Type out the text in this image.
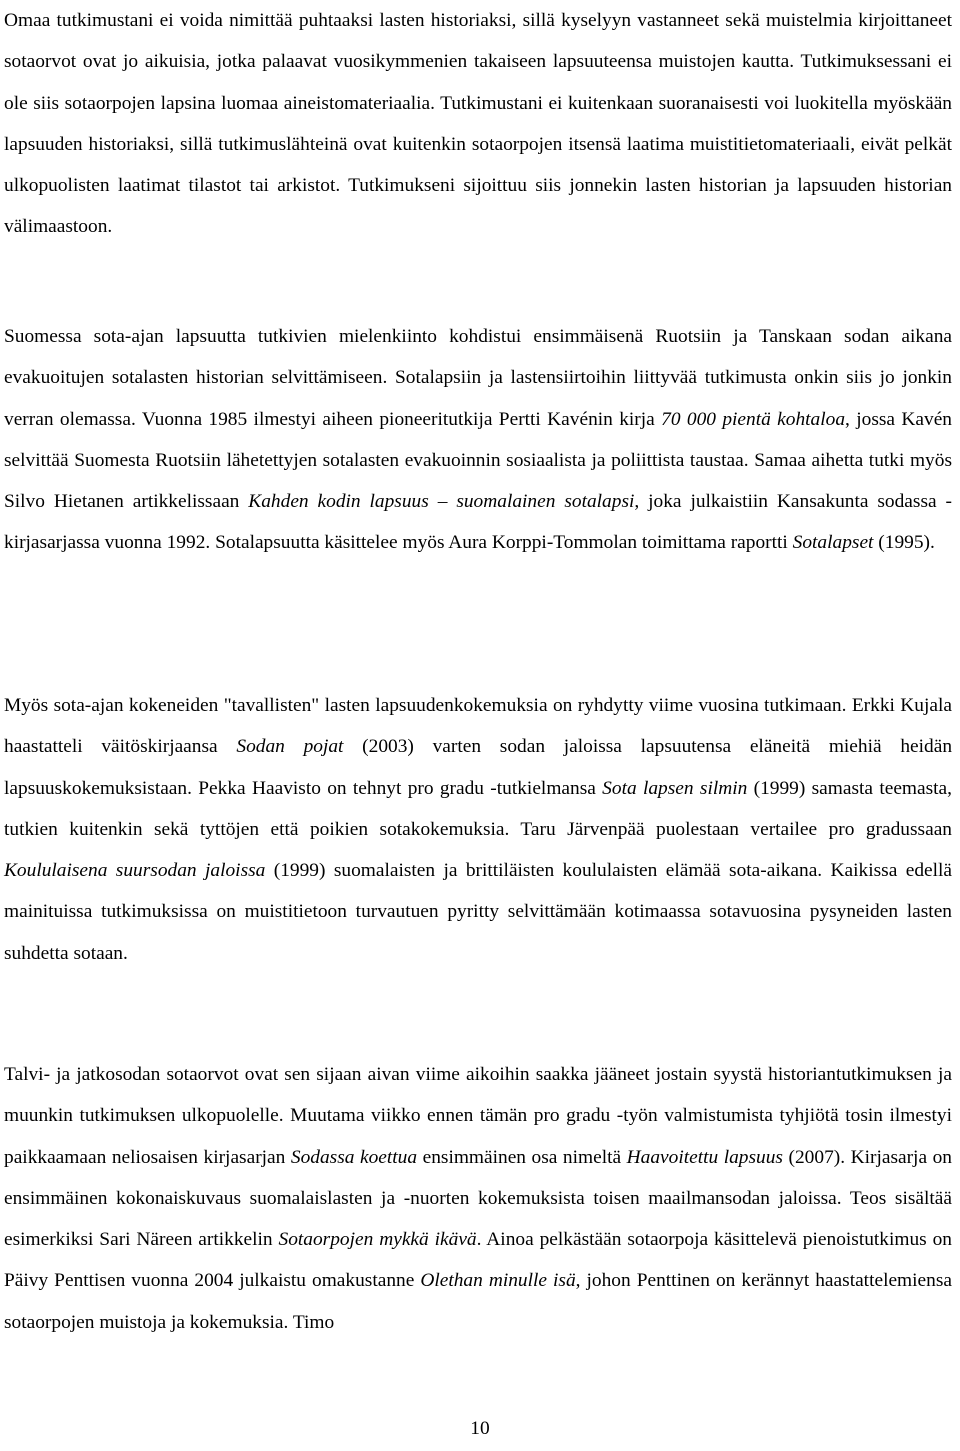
Omaa tutkimustani ei voida nimittää puhtaaksi lasten historiaksi, sillä kyselyyn vastanneet sekä muistelmia kirjoittaneet sotaorvot ovat jo aikuisia, jotka palaavat vuosikymmenien takaiseen lapsuuteensa muistojen kautta. Tutkimuksessani ei ole siis sotaorpojen lapsina luomaa aineistomateriaalia. Tutkimustani ei kuitenkaan suoranaisesti voi luokitella myöskään lapsuuden historiaksi, sillä tutkimuslähteinä ovat kuitenkin sotaorpojen itsensä laatima muistitietomateriaali, eivät pelkät ulkopuolisten laatimat tilastot tai arkistot. Tutkimukseni sijoittuu siis jonnekin lasten historian ja lapsuuden historian välimaastoon.

Suomessa sota-ajan lapsuutta tutkivien mielenkiinto kohdistui ensimmäisenä Ruotsiin ja Tanskaan sodan aikana evakuoitujen sotalasten historian selvittämiseen. Sotalapsiin ja lastensiirtoihin liittyvää tutkimusta onkin siis jo jonkin verran olemassa. Vuonna 1985 ilmestyi aiheen pioneeritutkija Pertti Kavénin kirja 70 000 pientä kohtaloa, jossa Kavén selvittää Suomesta Ruotsiin lähetettyjen sotalasten evakuoinnin sosiaalista ja poliittista taustaa. Samaa aihetta tutki myös Silvo Hietanen artikkelissaan Kahden kodin lapsuus – suomalainen sotalapsi, joka julkaistiin Kansakunta sodassa -kirjasarjassa vuonna 1992. Sotalapsuutta käsittelee myös Aura Korppi-Tommolan toimittama raportti Sotalapset (1995).

Myös sota-ajan kokeneiden "tavallisten" lasten lapsuudenkokemuksia on ryhdytty viime vuosina tutkimaan. Erkki Kujala haastatteli väitöskirjaansa Sodan pojat (2003) varten sodan jaloissa lapsuutensa eläneitä miehiä heidän lapsuuskokemuksistaan. Pekka Haavisto on tehnyt pro gradu -tutkielmansa Sota lapsen silmin (1999) samasta teemasta, tutkien kuitenkin sekä tyttöjen että poikien sotakokemuksia. Taru Järvenpää puolestaan vertailee pro gradussaan Koululaisena suursodan jaloissa (1999) suomalaisten ja brittiläisten koululaisten elämää sota-aikana. Kaikissa edellä mainituissa tutkimuksissa on muistitietoon turvautuen pyritty selvittämään kotimaassa sotavuosina pysyneiden lasten suhdetta sotaan.

Talvi- ja jatkosodan sotaorvot ovat sen sijaan aivan viime aikoihin saakka jääneet jostain syystä historiantutkimuksen ja muunkin tutkimuksen ulkopuolelle. Muutama viikko ennen tämän pro gradu -työn valmistumista tyhjiötä tosin ilmestyi paikkaamaan neliosaisen kirjasarjan Sodassa koettua ensimmäinen osa nimeltä Haavoitettu lapsuus (2007). Kirjasarja on ensimmäinen kokonaiskuvaus suomalaislasten ja -nuorten kokemuksista toisen maailmansodan jaloissa. Teos sisältää esimerkiksi Sari Näreen artikkelin Sotaorpojen mykkä ikävä. Ainoa pelkästään sotaorpoja käsittelevä pienoistutkimus on Päivy Penttisen vuonna 2004 julkaistu omakustanne Olethan minulle isä, johon Penttinen on kerännyt haastattelemiensa sotaorpojen muistoja ja kokemuksia. Timo

10
